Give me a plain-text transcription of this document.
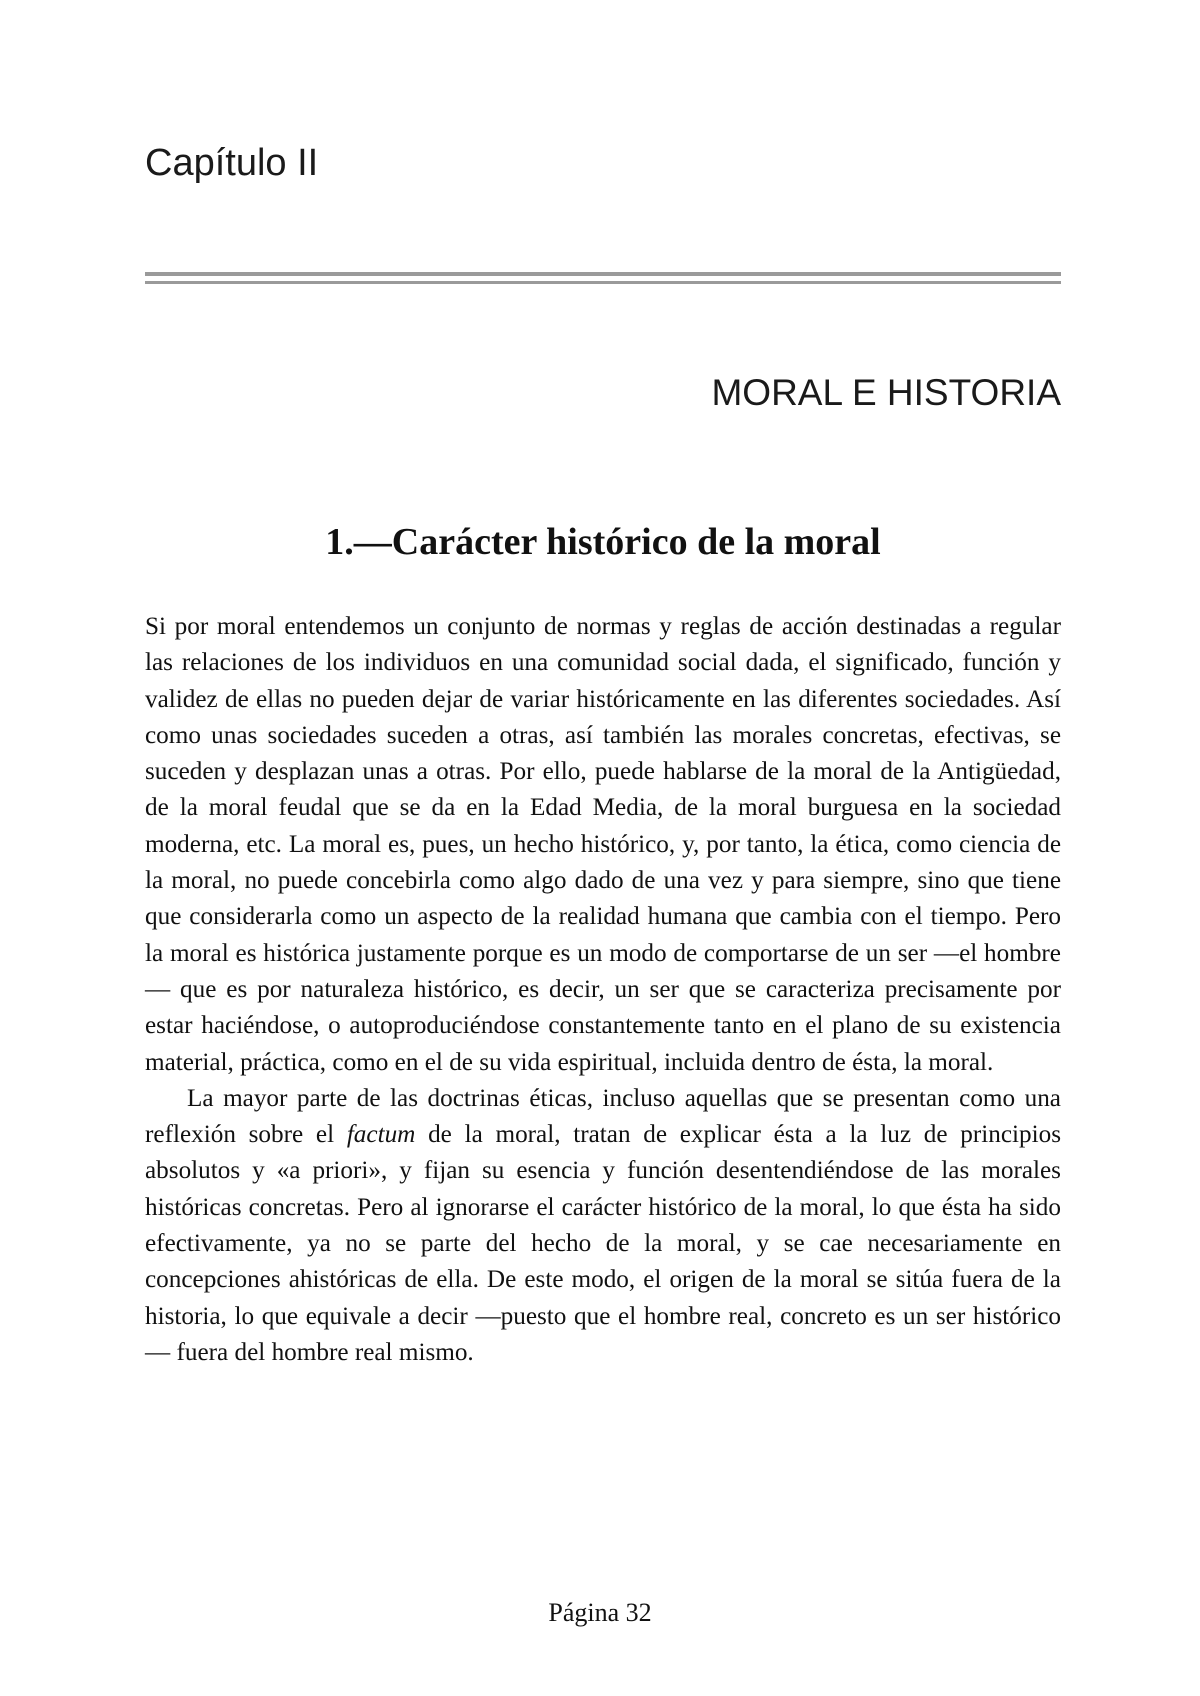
Capítulo II
MORAL E HISTORIA
1.—Carácter histórico de la moral

Si por moral entendemos un conjunto de normas y reglas de acción destinadas a regular las relaciones de los individuos en una comunidad social dada, el significado, función y validez de ellas no pueden dejar de variar históricamente en las diferentes sociedades. Así como unas sociedades suceden a otras, así también las morales concretas, efectivas, se suceden y desplazan unas a otras. Por ello, puede hablarse de la moral de la Antigüedad, de la moral feudal que se da en la Edad Media, de la moral burguesa en la sociedad moderna, etc. La moral es, pues, un hecho histórico, y, por tanto, la ética, como ciencia de la moral, no puede concebirla como algo dado de una vez y para siempre, sino que tiene que considerarla como un aspecto de la realidad humana que cambia con el tiempo. Pero la moral es histórica justamente porque es un modo de comportarse de un ser —el hombre— que es por naturaleza histórico, es decir, un ser que se caracteriza precisamente por estar haciéndose, o autoproduciéndose constantemente tanto en el plano de su existencia material, práctica, como en el de su vida espiritual, incluida dentro de ésta, la moral.

La mayor parte de las doctrinas éticas, incluso aquellas que se presentan como una reflexión sobre el factum de la moral, tratan de explicar ésta a la luz de principios absolutos y «a priori», y fijan su esencia y función desentendiéndose de las morales históricas concretas. Pero al ignorarse el carácter histórico de la moral, lo que ésta ha sido efectivamente, ya no se parte del hecho de la moral, y se cae necesariamente en concepciones ahistóricas de ella. De este modo, el origen de la moral se sitúa fuera de la historia, lo que equivale a decir —puesto que el hombre real, concreto es un ser histórico— fuera del hombre real mismo.

Página 32
